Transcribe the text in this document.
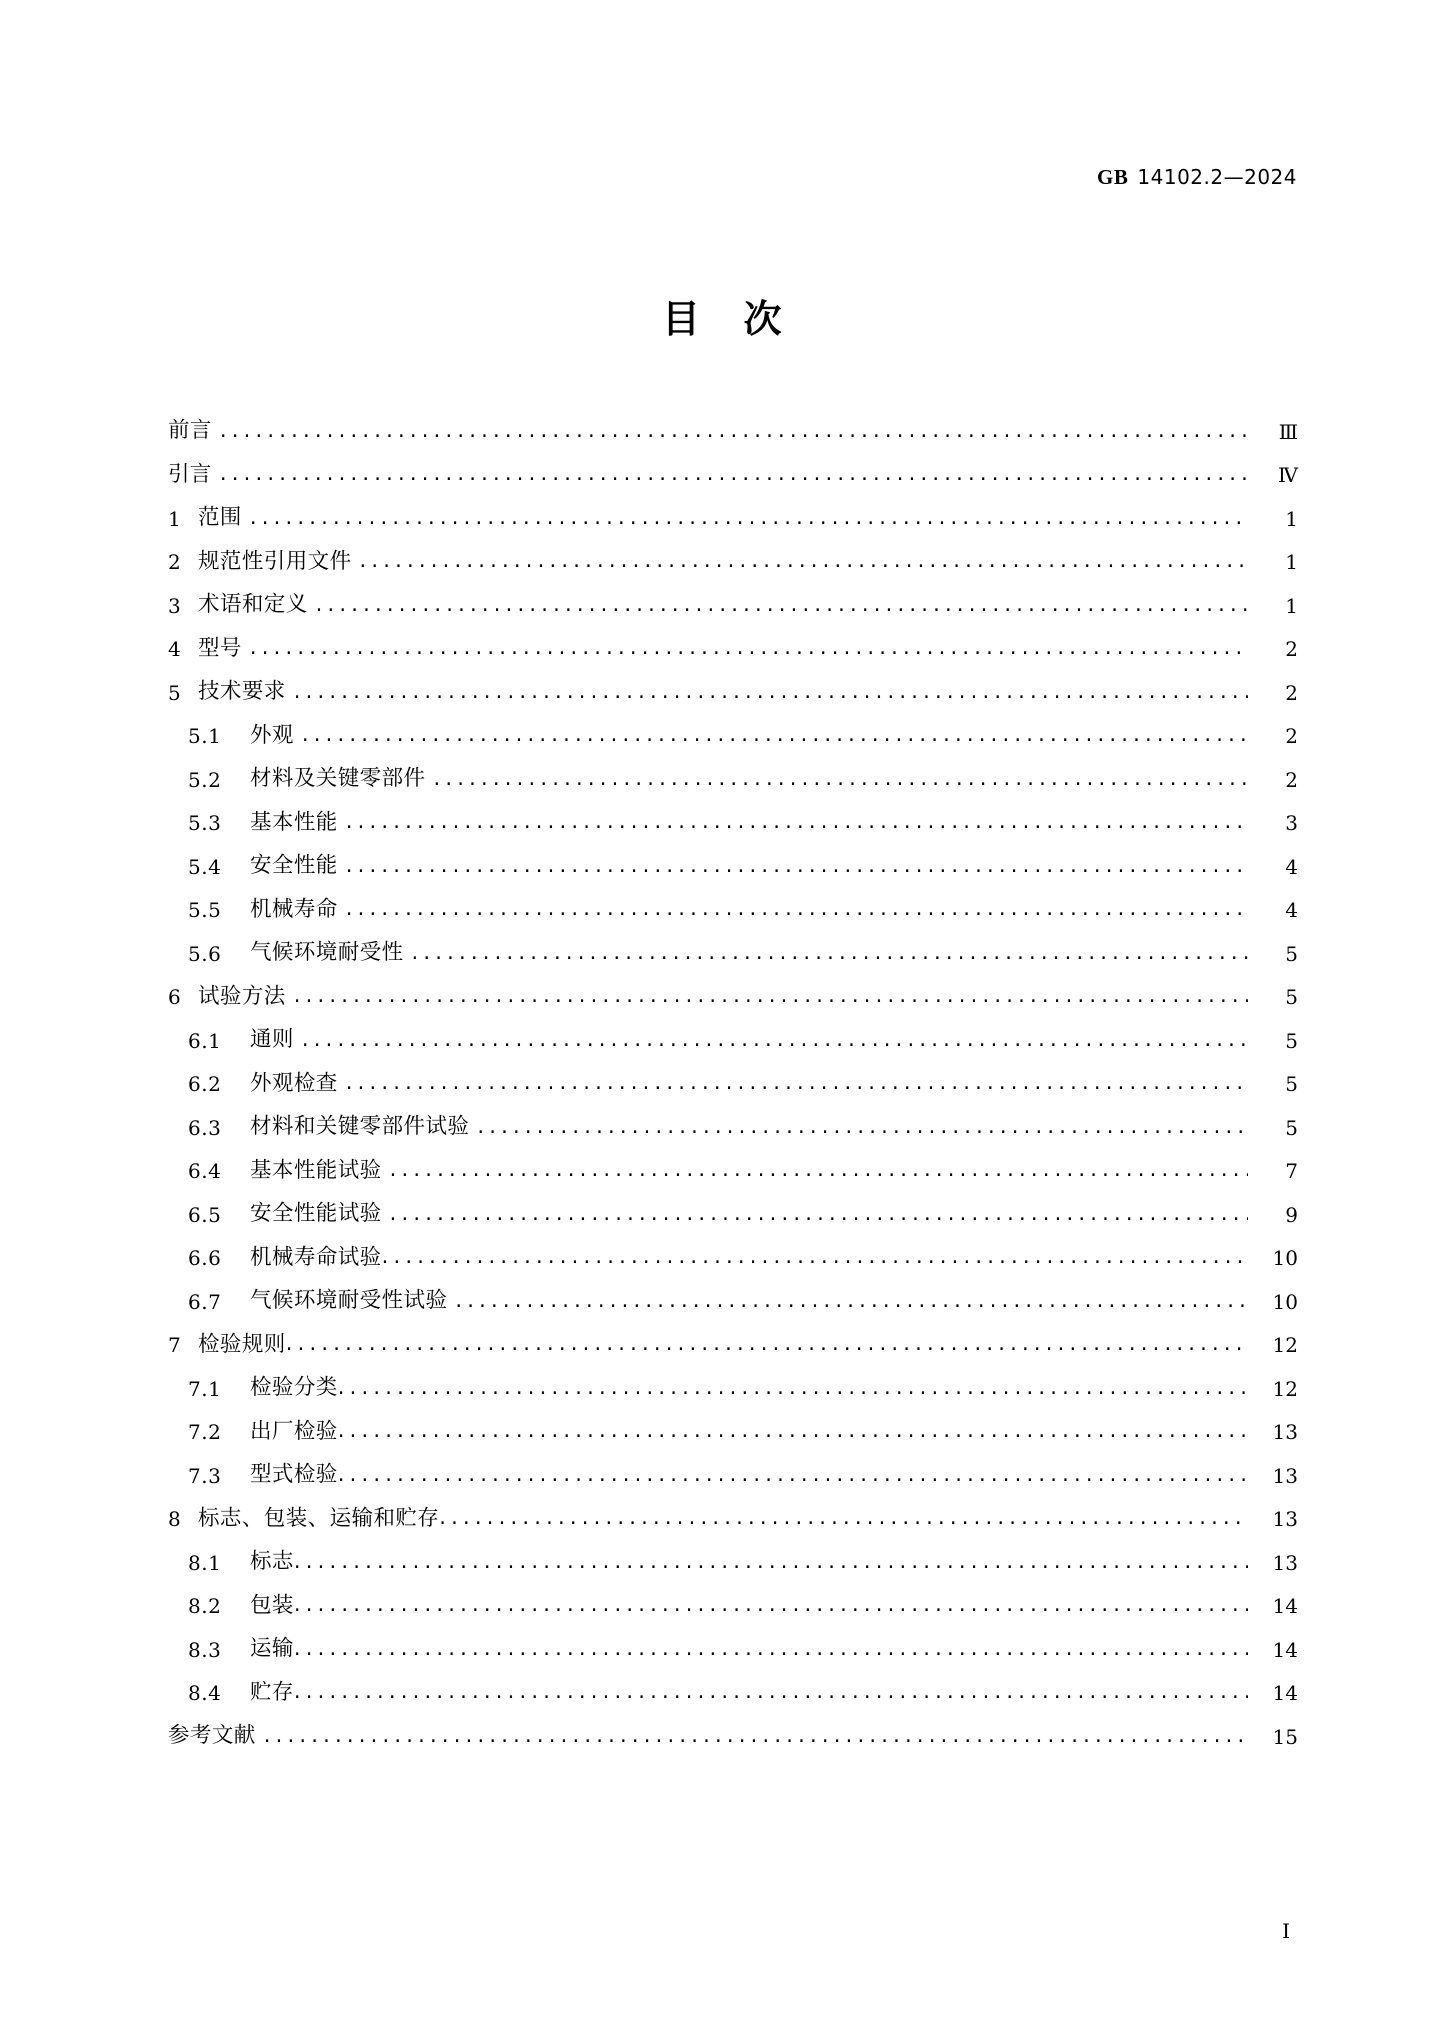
GB 14102.2—2024
目 次
前言 ·····	Ⅲ
引言 ·····	Ⅳ
1 范围 ·····	1
2 规范性引用文件 ·····	1
3 术语和定义 ·····	1
4 型号 ·····	2
5 技术要求 ·····	2
5.1	外观 ·····	2
5.2	材料及关键零部件 ·····	2
5.3	基本性能 ·····	3
5.4	安全性能 ·····	4
5.5	机械寿命 ·····	4
5.6	气候环境耐受性 ·····	5
6 试验方法 ·····	5
6.1	通则 ·····	5
6.2	外观检查 ·····	5
6.3	材料和关键零部件试验 ·····	5
6.4	基本性能试验 ·····	7
6.5	安全性能试验 ·····	9
6.6	机械寿命试验 ·····	10
6.7	气候环境耐受性试验 ·····	10
7 检验规则 ·····	12
7.1	检验分类 ·····	12
7.2	出厂检验 ·····	13
7.3	型式检验 ·····	13
8 标志、包装、运输和贮存 ·····	13
8.1	标志 ·····	13
8.2	包装 ·····	14
8.3	运输 ·····	14
8.4	贮存 ·····	14
参考文献 ·····	15
Ⅰ
